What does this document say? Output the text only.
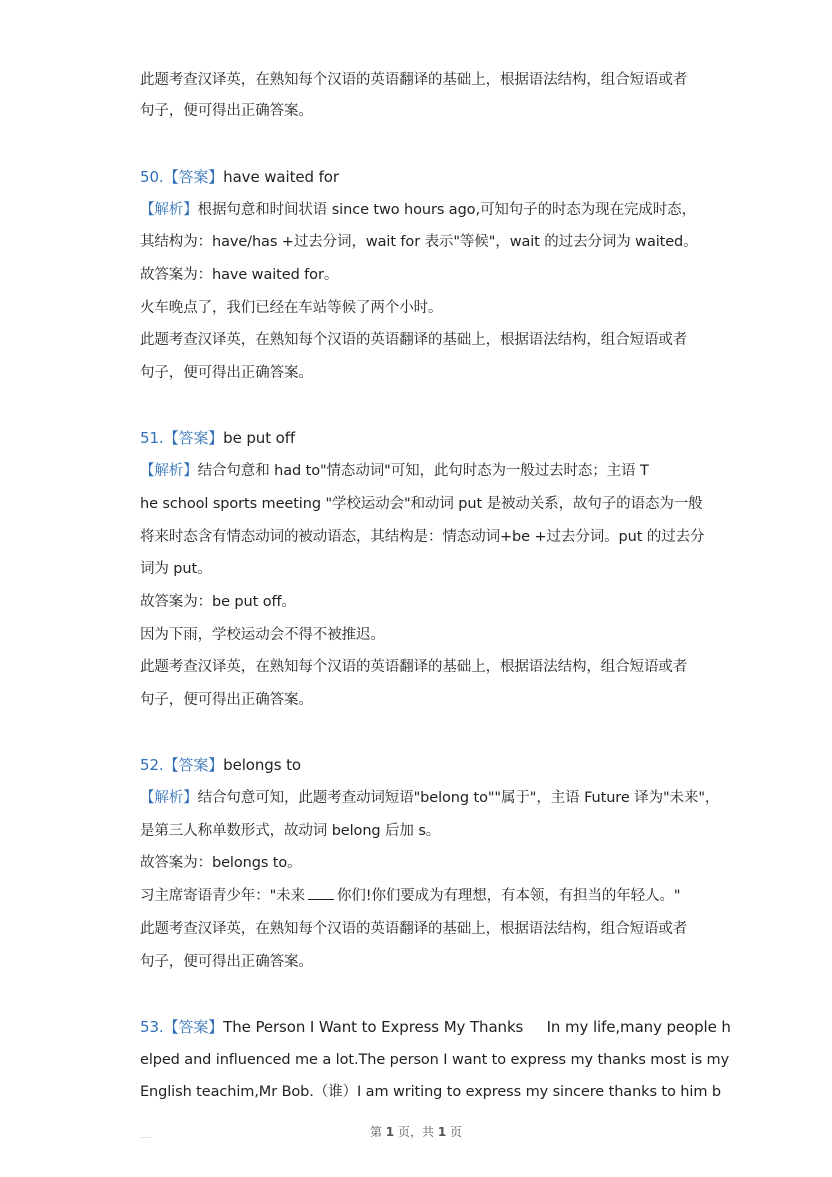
此题考查汉译英，在熟知每个汉语的英语翻译的基础上，根据语法结构，组合短语或者
句子，便可得出正确答案。
50.【答案】have waited for
【解析】根据句意和时间状语 since two hours ago,可知句子的时态为现在完成时态，
其结构为：have/has +过去分词，wait for 表示"等候"，wait 的过去分词为 waited。
故答案为：have waited for。
火车晚点了，我们已经在车站等候了两个小时。
此题考查汉译英，在熟知每个汉语的英语翻译的基础上，根据语法结构，组合短语或者
句子，便可得出正确答案。
51.【答案】be put off
【解析】结合句意和 had to"情态动词"可知，此句时态为一般过去时态；主语 T
he school sports meeting "学校运动会"和动词 put 是被动关系，故句子的语态为一般
将来时态含有情态动词的被动语态，其结构是：情态动词+be +过去分词。put 的过去分
词为 put。
故答案为：be put off。
因为下雨，学校运动会不得不被推迟。
此题考查汉译英，在熟知每个汉语的英语翻译的基础上，根据语法结构，组合短语或者
句子，便可得出正确答案。
52.【答案】belongs to
【解析】结合句意可知，此题考查动词短语"belong to""属于"，主语 Future 译为"未来"，
是第三人称单数形式，故动词 belong 后加 s。
故答案为：belongs to。
习主席寄语青少年："未来 你们!你们要成为有理想，有本领，有担当的年轻人。"
此题考查汉译英，在熟知每个汉语的英语翻译的基础上，根据语法结构，组合短语或者
句子，便可得出正确答案。
53.【答案】The Person I Want to Express My Thanks     In my life,many people h
elped and influenced me a lot.The person I want to express my thanks most is my
English teachim,Mr Bob.（谁）I am writing to express my sincere thanks to him b
——	第 1 页，共 1 页
